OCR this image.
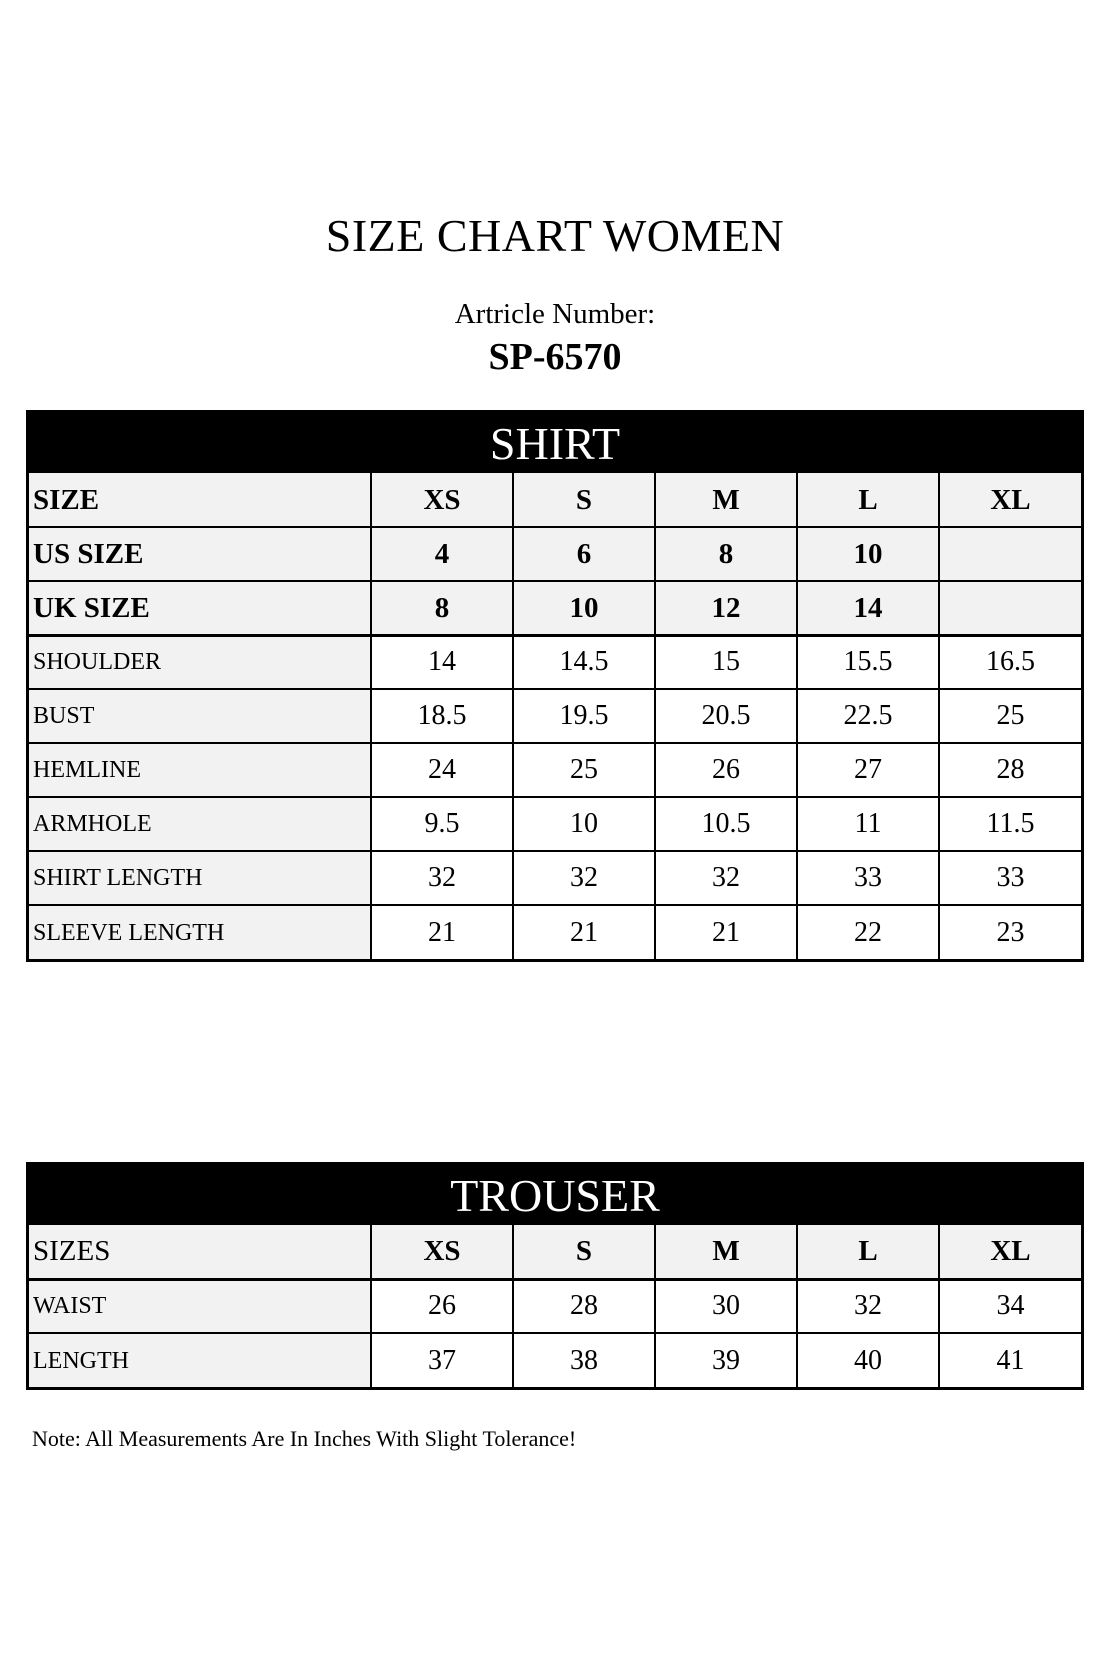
SIZE CHART WOMEN
Artricle Number:
SP-6570
SHIRT
SIZE	XS	S	M	L	XL
US SIZE	4	6	8	10	
UK SIZE	8	10	12	14	
SHOULDER	14	14.5	15	15.5	16.5
BUST	18.5	19.5	20.5	22.5	25
HEMLINE	24	25	26	27	28
ARMHOLE	9.5	10	10.5	11	11.5
SHIRT LENGTH	32	32	32	33	33
SLEEVE LENGTH	21	21	21	22	23
TROUSER
SIZES	XS	S	M	L	XL
WAIST	26	28	30	32	34
LENGTH	37	38	39	40	41
Note: All Measurements Are In Inches With Slight Tolerance!
